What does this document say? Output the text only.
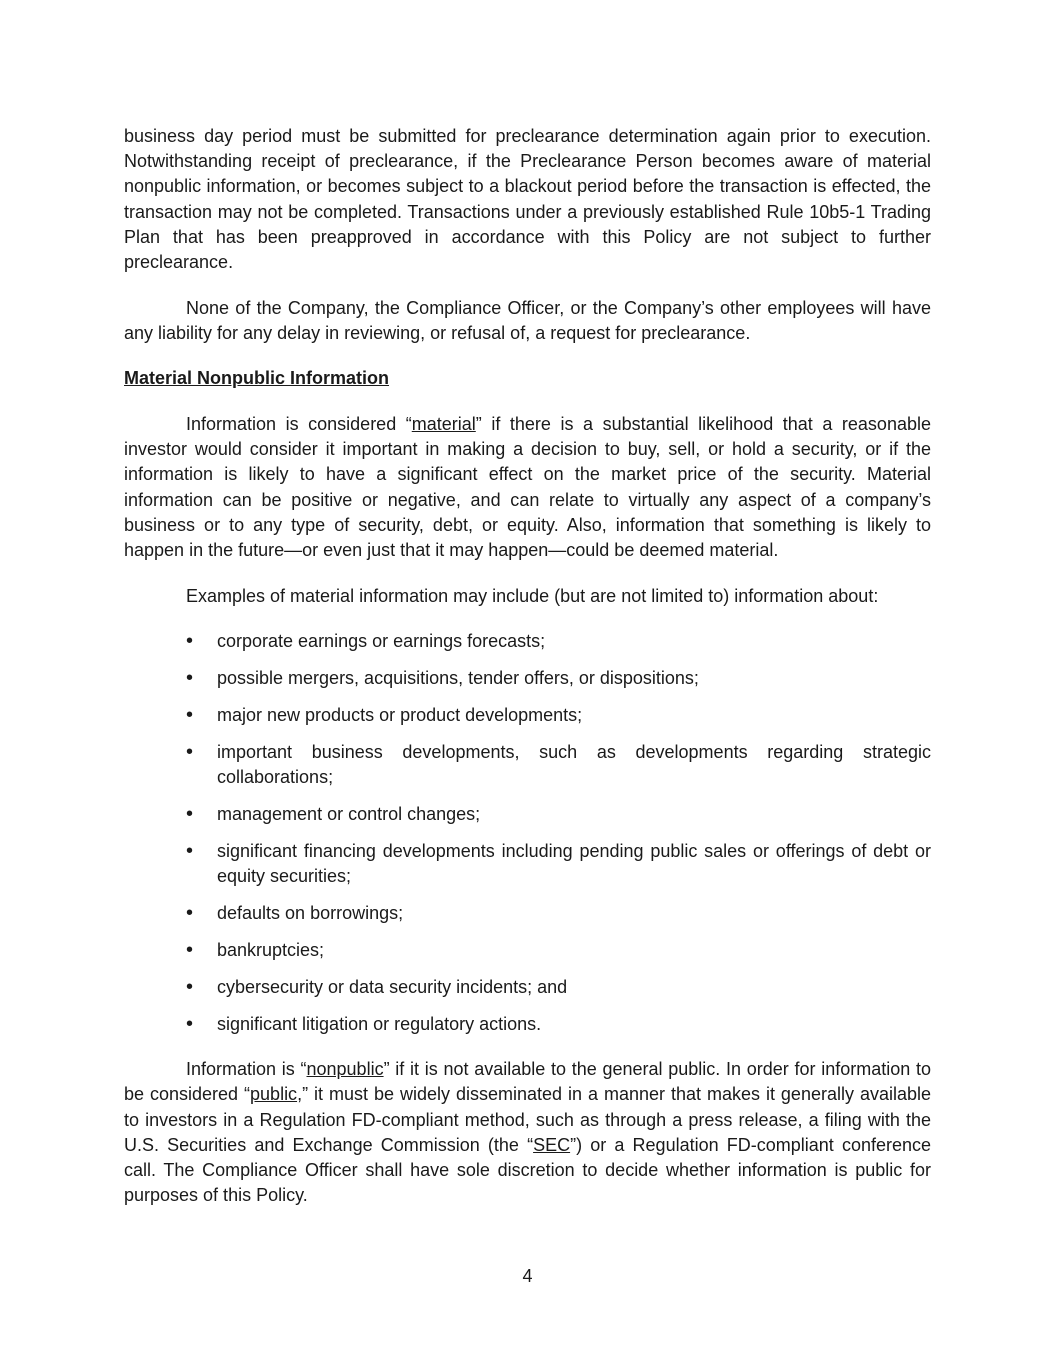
business day period must be submitted for preclearance determination again prior to execution. Notwithstanding receipt of preclearance, if the Preclearance Person becomes aware of material nonpublic information, or becomes subject to a blackout period before the transaction is effected, the transaction may not be completed. Transactions under a previously established Rule 10b5-1 Trading Plan that has been preapproved in accordance with this Policy are not subject to further preclearance.

None of the Company, the Compliance Officer, or the Company’s other employees will have any liability for any delay in reviewing, or refusal of, a request for preclearance.

Material Nonpublic Information

Information is considered “material” if there is a substantial likelihood that a reasonable investor would consider it important in making a decision to buy, sell, or hold a security, or if the information is likely to have a significant effect on the market price of the security. Material information can be positive or negative, and can relate to virtually any aspect of a company’s business or to any type of security, debt, or equity. Also, information that something is likely to happen in the future—or even just that it may happen—could be deemed material.

Examples of material information may include (but are not limited to) information about:

• corporate earnings or earnings forecasts;
• possible mergers, acquisitions, tender offers, or dispositions;
• major new products or product developments;
• important business developments, such as developments regarding strategic collaborations;
• management or control changes;
• significant financing developments including pending public sales or offerings of debt or equity securities;
• defaults on borrowings;
• bankruptcies;
• cybersecurity or data security incidents; and
• significant litigation or regulatory actions.

Information is “nonpublic” if it is not available to the general public. In order for information to be considered “public,” it must be widely disseminated in a manner that makes it generally available to investors in a Regulation FD-compliant method, such as through a press release, a filing with the U.S. Securities and Exchange Commission (the “SEC”) or a Regulation FD-compliant conference call. The Compliance Officer shall have sole discretion to decide whether information is public for purposes of this Policy.

4
